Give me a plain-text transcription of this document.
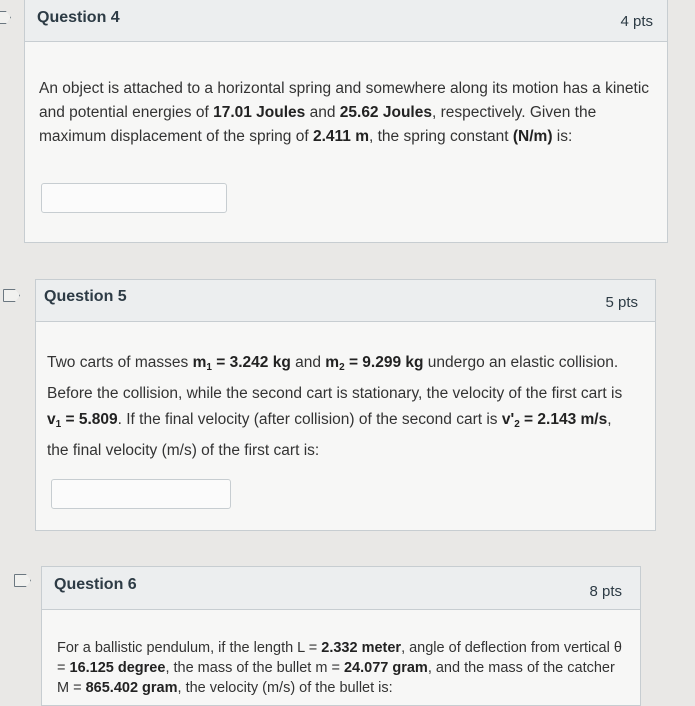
Question 4	4 pts
An object is attached to a horizontal spring and somewhere along its motion has a kinetic and potential energies of 17.01 Joules and 25.62 Joules, respectively. Given the maximum displacement of the spring of 2.411 m, the spring constant (N/m) is:
Question 5	5 pts
Two carts of masses $m_1 = 3.242$ kg and $m_2 = 9.299$ kg undergo an elastic collision. Before the collision, while the second cart is stationary, the velocity of the first cart is $v_1 = 5.809$. If the final velocity (after collision) of the second cart is $v'_2 = 2.143$ m/s, the final velocity (m/s) of the first cart is:
Question 6	8 pts
For a ballistic pendulum, if the length L = 2.332 meter, angle of deflection from vertical θ = 16.125 degree, the mass of the bullet m = 24.077 gram, and the mass of the catcher M = 865.402 gram, the velocity (m/s) of the bullet is:
